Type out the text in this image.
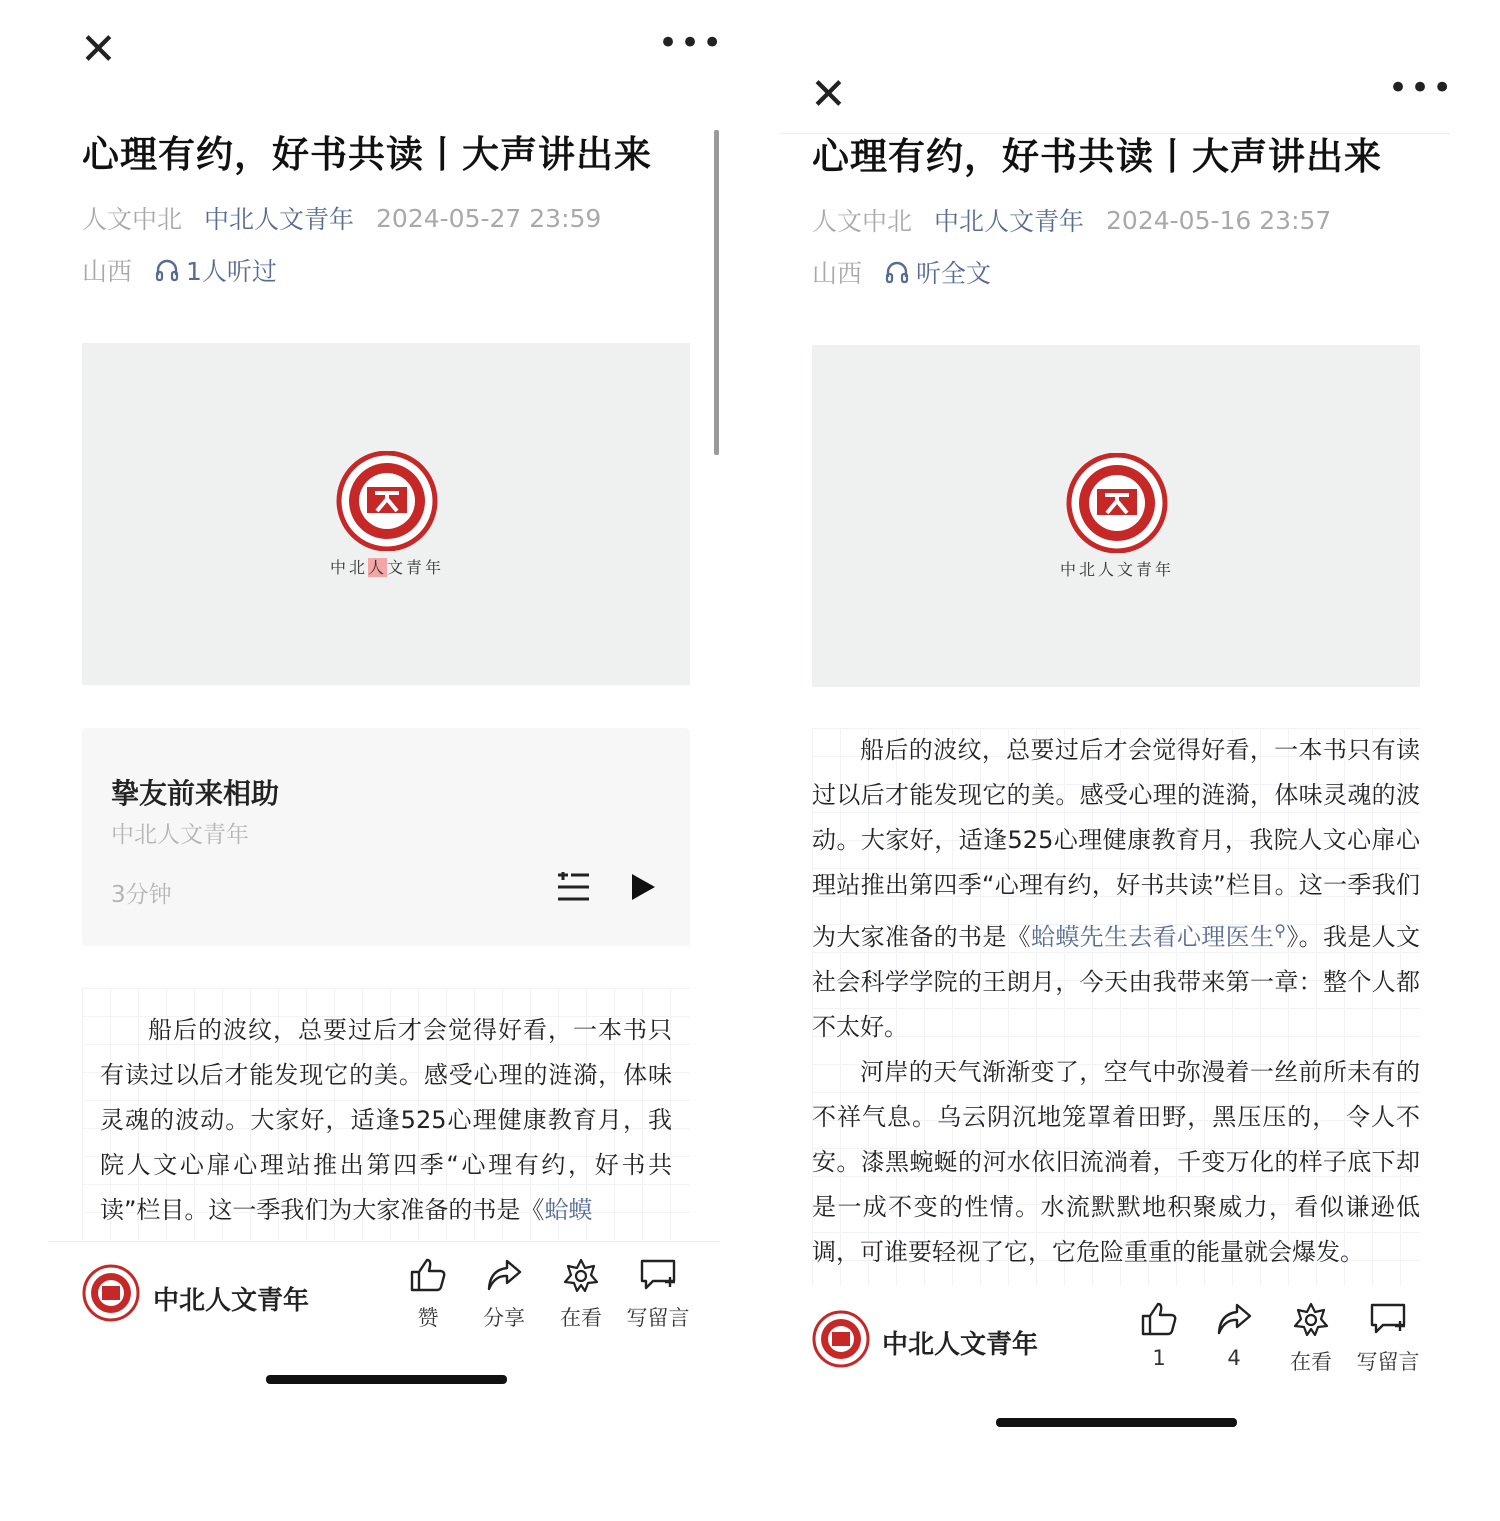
✕	•••
心理有约，好书共读丨大声讲出来
人文中北 中北人文青年 2024-05-27 23:59
山西 1人听过
中北人文青年
挚友前来相助
中北人文青年
3分钟

船后的波纹，总要过后才会觉得好看，一本书只有读过以后才能发现它的美。感受心理的涟漪，体味灵魂的波动。大家好，适逢525心理健康教育月，我院人文心扉心理站推出第四季“心理有约，好书共读”栏目。这一季我们为大家准备的书是《蛤蟆

中北人文青年
赞	分享	在看	写留言
✕	•••
心理有约，好书共读丨大声讲出来
人文中北 中北人文青年 2024-05-16 23:57
山西 听全文
中北人文青年

船后的波纹，总要过后才会觉得好看，一本书只有读过以后才能发现它的美。感受心理的涟漪，体味灵魂的波动。大家好，适逢525心理健康教育月，我院人文心扉心理站推出第四季“心理有约，好书共读”栏目。这一季我们为大家准备的书是《蛤蟆先生去看心理医生⚲》。我是人文社会科学学院的王朗月，今天由我带来第一章：整个人都不太好。

河岸的天气渐渐变了，空气中弥漫着一丝前所未有的不祥气息。乌云阴沉地笼罩着田野，黑压压的， 令人不安。漆黑蜿蜒的河水依旧流淌着，千变万化的样子底下却是一成不变的性情。水流默默地积聚威力，看似谦逊低调，可谁要轻视了它，它危险重重的能量就会爆发。

中北人文青年	1	4	在看	写留言
